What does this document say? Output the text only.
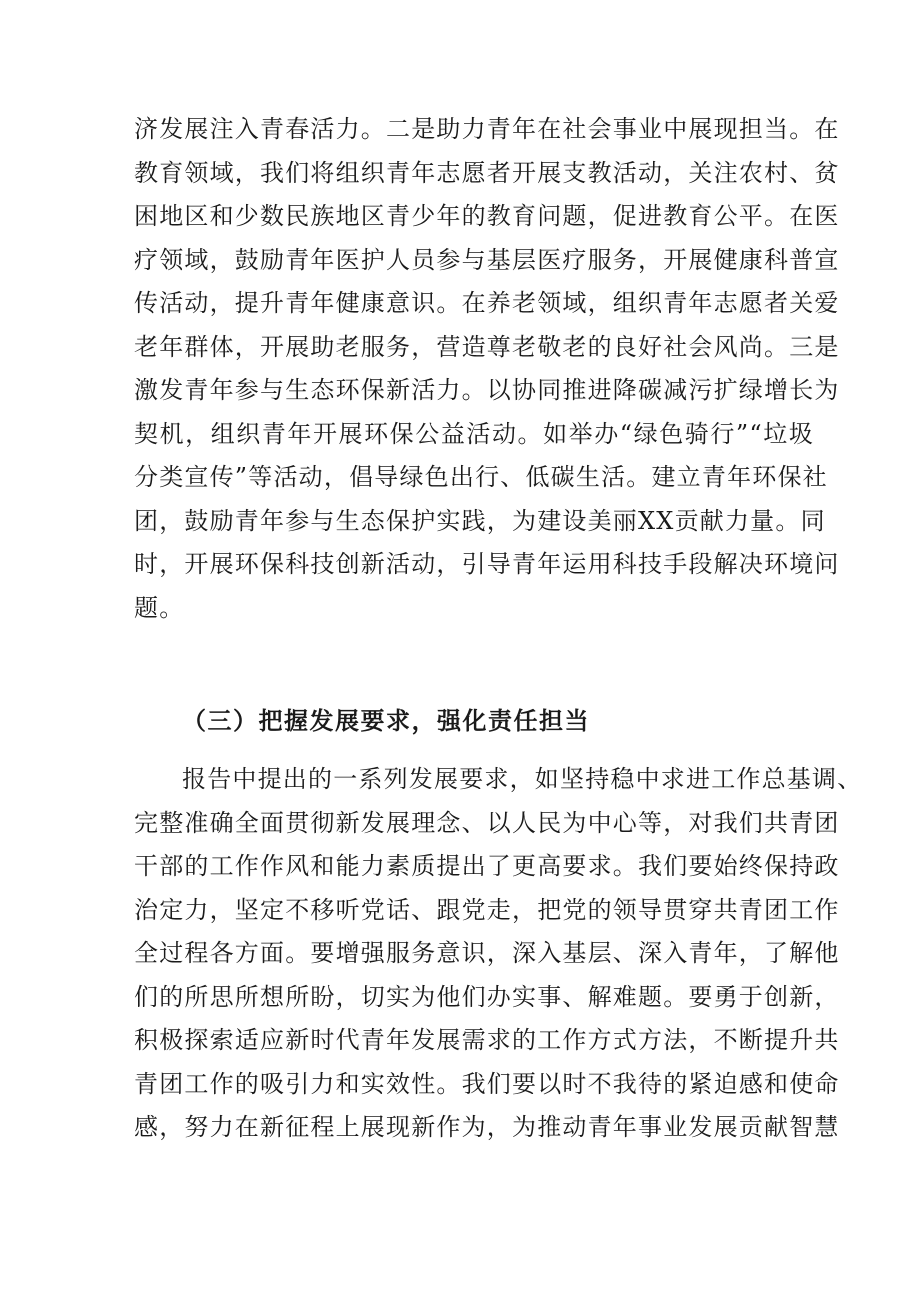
济发展注入青春活力。二是助力青年在社会事业中展现担当。在
教育领域，我们将组织青年志愿者开展支教活动，关注农村、贫
困地区和少数民族地区青少年的教育问题，促进教育公平。在医
疗领域，鼓励青年医护人员参与基层医疗服务，开展健康科普宣
传活动，提升青年健康意识。在养老领域，组织青年志愿者关爱
老年群体，开展助老服务，营造尊老敬老的良好社会风尚。三是
激发青年参与生态环保新活力。以协同推进降碳减污扩绿增长为
契机，组织青年开展环保公益活动。如举办“绿色骑行”“垃圾
分类宣传”等活动，倡导绿色出行、低碳生活。建立青年环保社
团，鼓励青年参与生态保护实践，为建设美丽XX贡献力量。同
时，开展环保科技创新活动，引导青年运用科技手段解决环境问
题。
（三）把握发展要求，强化责任担当
报告中提出的一系列发展要求，如坚持稳中求进工作总基调、
完整准确全面贯彻新发展理念、以人民为中心等，对我们共青团
干部的工作作风和能力素质提出了更高要求。我们要始终保持政
治定力，坚定不移听党话、跟党走，把党的领导贯穿共青团工作
全过程各方面。要增强服务意识，深入基层、深入青年，了解他
们的所思所想所盼，切实为他们办实事、解难题。要勇于创新，
积极探索适应新时代青年发展需求的工作方式方法，不断提升共
青团工作的吸引力和实效性。我们要以时不我待的紧迫感和使命
感，努力在新征程上展现新作为，为推动青年事业发展贡献智慧
